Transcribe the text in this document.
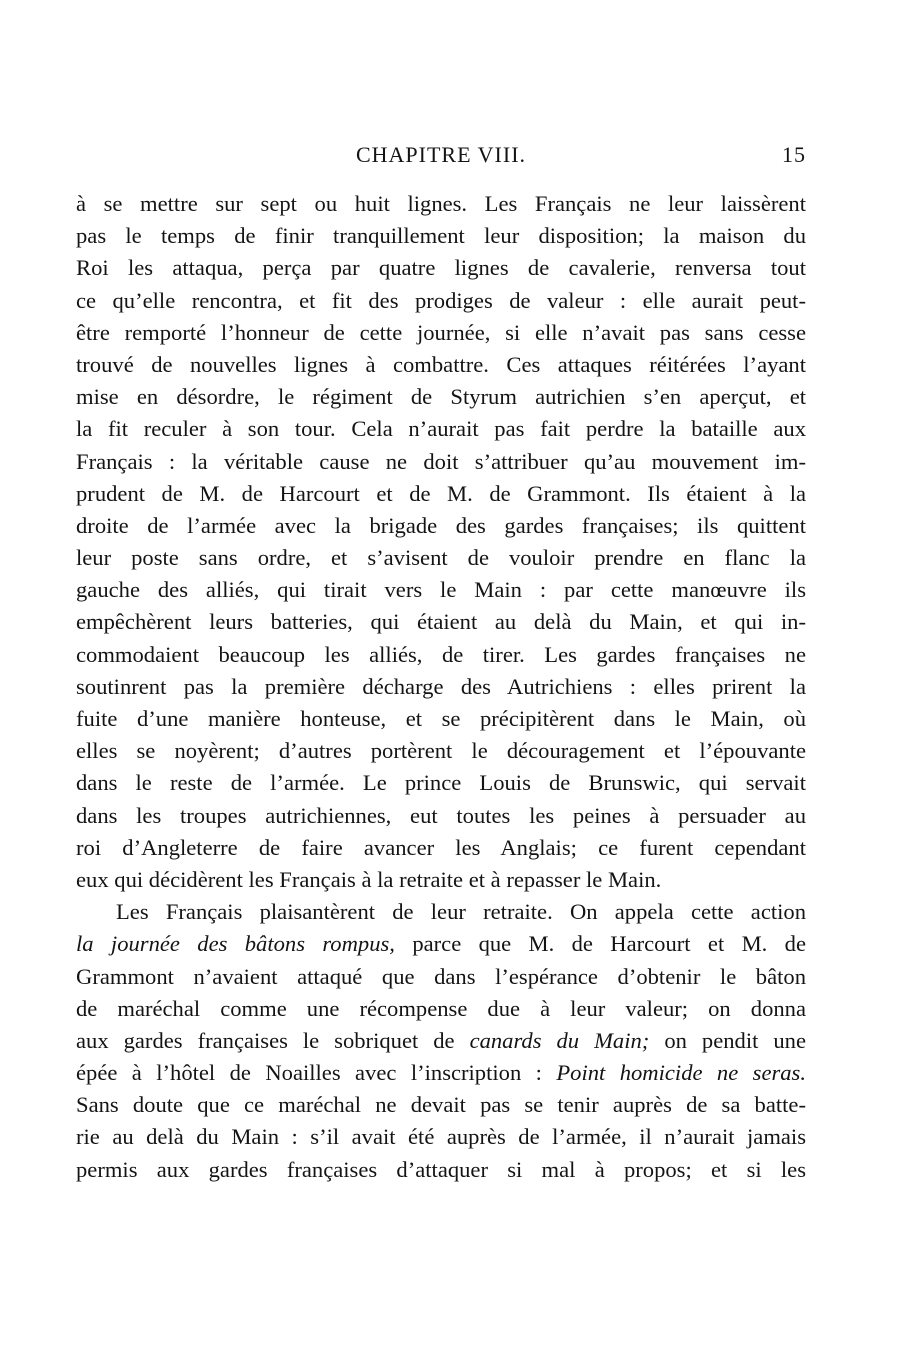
CHAPITRE VIII.	15
à se mettre sur sept ou huit lignes. Les Français ne leur laissèrent
pas le temps de finir tranquillement leur disposition; la maison du
Roi les attaqua, perça par quatre lignes de cavalerie, renversa tout
ce qu’elle rencontra, et fit des prodiges de valeur : elle aurait peut-
être remporté l’honneur de cette journée, si elle n’avait pas sans cesse
trouvé de nouvelles lignes à combattre. Ces attaques réitérées l’ayant
mise en désordre, le régiment de Styrum autrichien s’en aperçut, et
la fit reculer à son tour. Cela n’aurait pas fait perdre la bataille aux
Français : la véritable cause ne doit s’attribuer qu’au mouvement im-
prudent de M. de Harcourt et de M. de Grammont. Ils étaient à la
droite de l’armée avec la brigade des gardes françaises; ils quittent
leur poste sans ordre, et s’avisent de vouloir prendre en flanc la
gauche des alliés, qui tirait vers le Main : par cette manœuvre ils
empêchèrent leurs batteries, qui étaient au delà du Main, et qui in-
commodaient beaucoup les alliés, de tirer. Les gardes françaises ne
soutinrent pas la première décharge des Autrichiens : elles prirent la
fuite d’une manière honteuse, et se précipitèrent dans le Main, où
elles se noyèrent; d’autres portèrent le découragement et l’épouvante
dans le reste de l’armée. Le prince Louis de Brunswic, qui servait
dans les troupes autrichiennes, eut toutes les peines à persuader au
roi d’Angleterre de faire avancer les Anglais; ce furent cependant
eux qui décidèrent les Français à la retraite et à repasser le Main.
Les Français plaisantèrent de leur retraite. On appela cette action
la journée des bâtons rompus, parce que M. de Harcourt et M. de
Grammont n’avaient attaqué que dans l’espérance d’obtenir le bâton
de maréchal comme une récompense due à leur valeur; on donna
aux gardes françaises le sobriquet de canards du Main; on pendit une
épée à l’hôtel de Noailles avec l’inscription : Point homicide ne seras.
Sans doute que ce maréchal ne devait pas se tenir auprès de sa batte-
rie au delà du Main : s’il avait été auprès de l’armée, il n’aurait jamais
permis aux gardes françaises d’attaquer si mal à propos; et si les
